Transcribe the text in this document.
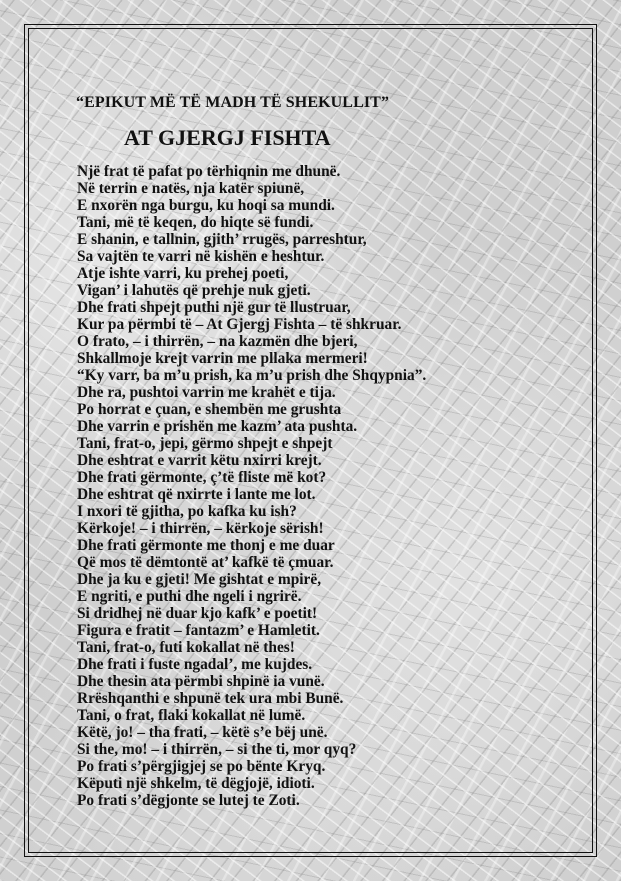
“EPIKUT MË TË MADH TË SHEKULLIT”
AT GJERGJ FISHTA
Një frat të pafat po tërhiqnin me dhunë.
Në terrin e natës, nja katër spiunë,
E nxorën nga burgu, ku hoqi sa mundi.
Tani, më të keqen, do hiqte së fundi.
E shanin, e tallnin, gjith’ rrugës, parreshtur,
Sa vajtën te varri në kishën e heshtur.
Atje ishte varri, ku prehej poeti,
Vigan’ i lahutës që prehje nuk gjeti.
Dhe frati shpejt puthi një gur të llustruar,
Kur pa përmbi të – At Gjergj Fishta – të shkruar.
O frato, – i thirrën, – na kazmën dhe bjeri,
Shkallmoje krejt varrin me pllaka mermeri!
“Ky varr, ba m’u prish, ka m’u prish dhe Shqypnia”.
Dhe ra, pushtoi varrin me krahët e tija.
Po horrat e çuan, e shembën me grushta
Dhe varrin e prishën me kazm’ ata pushta.
Tani, frat-o, jepi, gërmo shpejt e shpejt
Dhe eshtrat e varrit këtu nxirri krejt.
Dhe frati gërmonte, ç’të fliste më kot?
Dhe eshtrat që nxirrte i lante me lot.
I nxori të gjitha, po kafka ku ish?
Kërkoje! – i thirrën, – kërkoje sërish!
Dhe frati gërmonte me thonj e me duar
Që mos të dëmtontë at’ kafkë të çmuar.
Dhe ja ku e gjeti! Me gishtat e mpirë,
E ngriti, e puthi dhe ngeli i ngrirë.
Si dridhej në duar kjo kafk’ e poetit!
Figura e fratit – fantazm’ e Hamletit.
Tani, frat-o, futi kokallat në thes!
Dhe frati i fuste ngadal’, me kujdes.
Dhe thesin ata përmbi shpinë ia vunë.
Rrëshqanthi e shpunë tek ura mbi Bunë.
Tani, o frat, flaki kokallat në lumë.
Këtë, jo! – tha frati, – këtë s’e bëj unë.
Si the, mo! – i thirrën, – si the ti, mor qyq?
Po frati s’përgjigjej se po bënte Kryq.
Këputi një shkelm, të dëgjojë, idioti.
Po frati s’dëgjonte se lutej te Zoti.
